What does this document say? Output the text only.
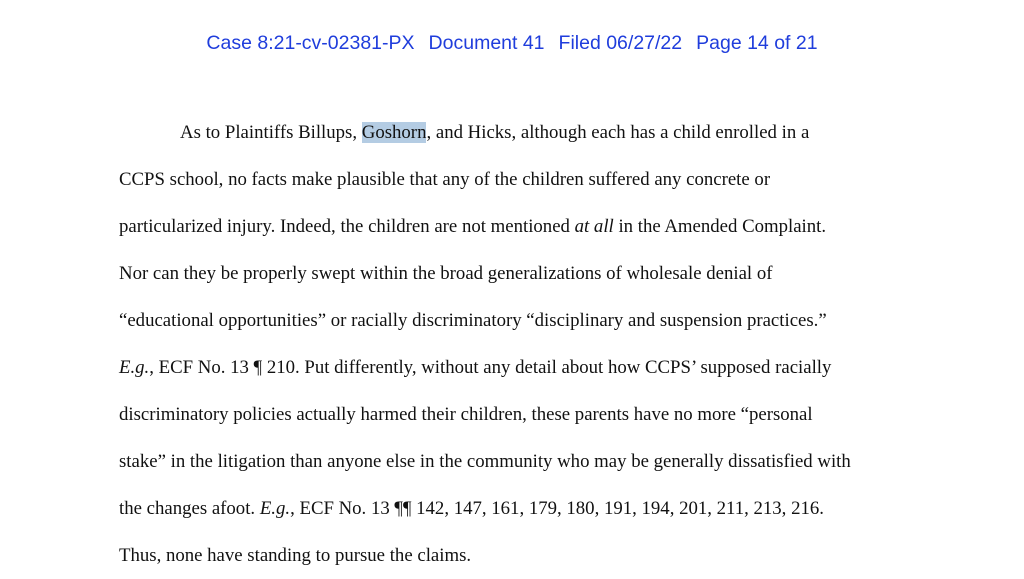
Case 8:21-cv-02381-PX Document 41 Filed 06/27/22 Page 14 of 21
As to Plaintiffs Billups, Goshorn, and Hicks, although each has a child enrolled in a
CCPS school, no facts make plausible that any of the children suffered any concrete or
particularized injury. Indeed, the children are not mentioned at all in the Amended Complaint.
Nor can they be properly swept within the broad generalizations of wholesale denial of
“educational opportunities” or racially discriminatory “disciplinary and suspension practices.”
E.g., ECF No. 13 ¶ 210. Put differently, without any detail about how CCPS’ supposed racially
discriminatory policies actually harmed their children, these parents have no more “personal
stake” in the litigation than anyone else in the community who may be generally dissatisfied with
the changes afoot. E.g., ECF No. 13 ¶¶ 142, 147, 161, 179, 180, 191, 194, 201, 211, 213, 216.
Thus, none have standing to pursue the claims.
